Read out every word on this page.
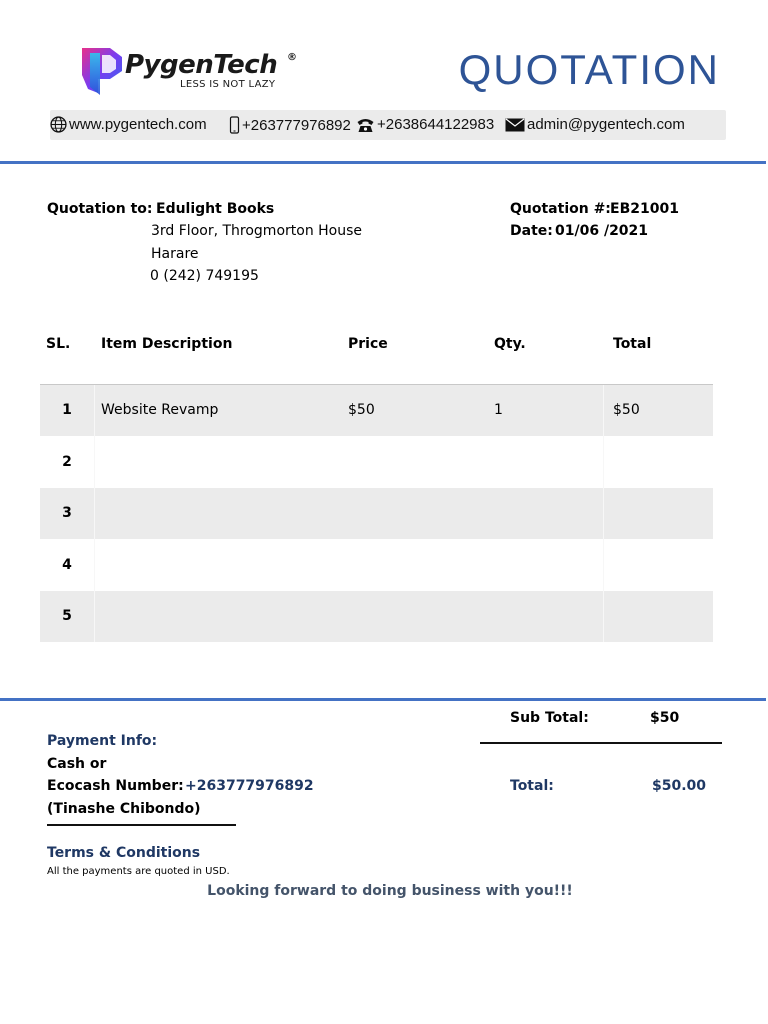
PygenTech ®
LESS IS NOT LAZY	QUOTATION
www.pygentech.com +263777976892 +2638644122983 admin@pygentech.com
Quotation to: Edulight Books
3rd Floor, Throgmorton House
Harare
0 (242) 749195
Quotation #: EB21001
Date: 01/06 /2021
SL. Item Description	Price	Qty.	Total
1	Website Revamp	$50	1	$50
2
3
4
5
Sub Total:	$50
Total:	$50.00
Payment Info:
Cash or
Ecocash Number: +263777976892
(Tinashe Chibondo)
Terms & Conditions
All the payments are quoted in USD.
Looking forward to doing business with you!!!
